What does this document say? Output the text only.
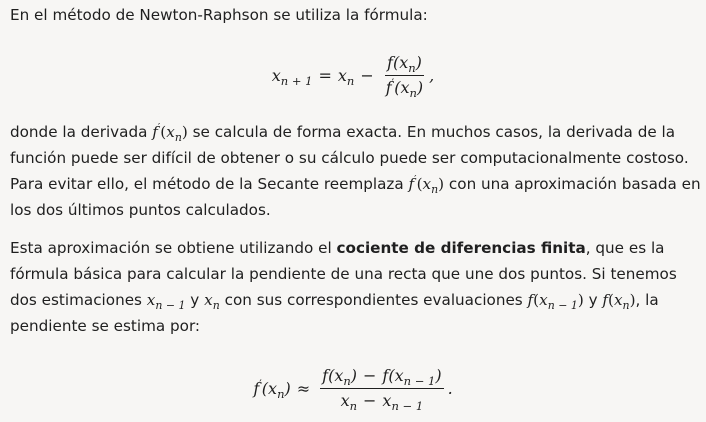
En el método de Newton-Raphson se utiliza la fórmula:

$x_{n + 1} = x_n - \frac{f(x_n)}{f'(x_n)}$ ,

donde la derivada $f'(x_n)$ se calcula de forma exacta. En muchos casos, la derivada de la función puede ser difícil de obtener o su cálculo puede ser computacionalmente costoso. Para evitar ello, el método de la Secante reemplaza $f'(x_n)$ con una aproximación basada en los dos últimos puntos calculados.

Esta aproximación se obtiene utilizando el cociente de diferencias finita, que es la fórmula básica para calcular la pendiente de una recta que une dos puntos. Si tenemos dos estimaciones $x_{n - 1}$ y $x_n$ con sus correspondientes evaluaciones $f(x_{n - 1})$ y $f(x_n)$, la pendiente se estima por:

$f'(x_n) \approx \frac{f(x_n) - f(x_{n - 1})}{x_n - x_{n - 1}}$ .
